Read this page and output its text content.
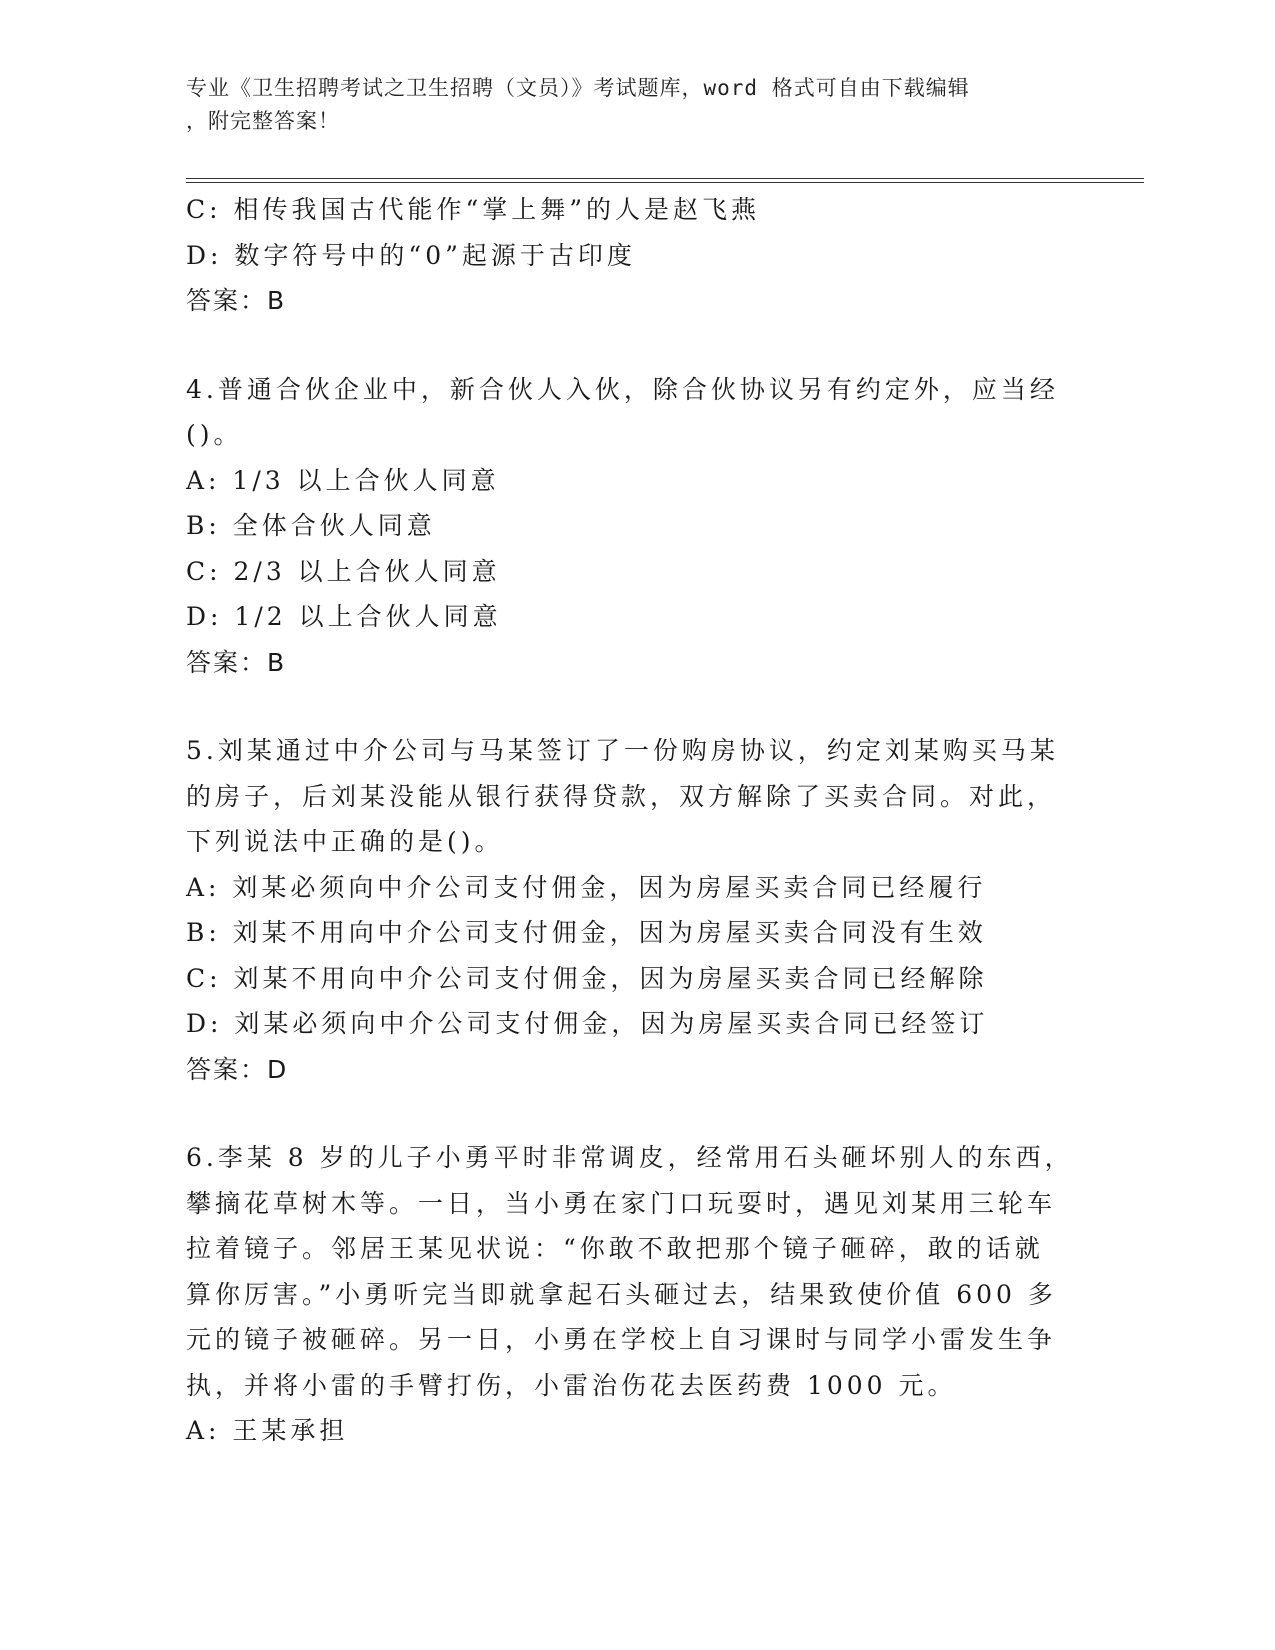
专业《卫生招聘考试之卫生招聘（文员）》考试题库，word 格式可自由下载编辑
，附完整答案！
C: 相传我国古代能作“掌上舞”的人是赵飞燕
D: 数字符号中的“0”起源于古印度
答案：B
4.普通合伙企业中，新合伙人入伙，除合伙协议另有约定外，应当经
()。
A: 1/3 以上合伙人同意
B: 全体合伙人同意
C: 2/3 以上合伙人同意
D: 1/2 以上合伙人同意
答案：B
5.刘某通过中介公司与马某签订了一份购房协议，约定刘某购买马某
的房子，后刘某没能从银行获得贷款，双方解除了买卖合同。对此，
下列说法中正确的是()。
A: 刘某必须向中介公司支付佣金，因为房屋买卖合同已经履行
B: 刘某不用向中介公司支付佣金，因为房屋买卖合同没有生效
C: 刘某不用向中介公司支付佣金，因为房屋买卖合同已经解除
D: 刘某必须向中介公司支付佣金，因为房屋买卖合同已经签订
答案：D
6.李某 8 岁的儿子小勇平时非常调皮，经常用石头砸坏别人的东西，
攀摘花草树木等。一日，当小勇在家门口玩耍时，遇见刘某用三轮车
拉着镜子。邻居王某见状说：“你敢不敢把那个镜子砸碎，敢的话就
算你厉害。”小勇听完当即就拿起石头砸过去，结果致使价值 600 多
元的镜子被砸碎。另一日，小勇在学校上自习课时与同学小雷发生争
执，并将小雷的手臂打伤，小雷治伤花去医药费 1000 元。
A: 王某承担
